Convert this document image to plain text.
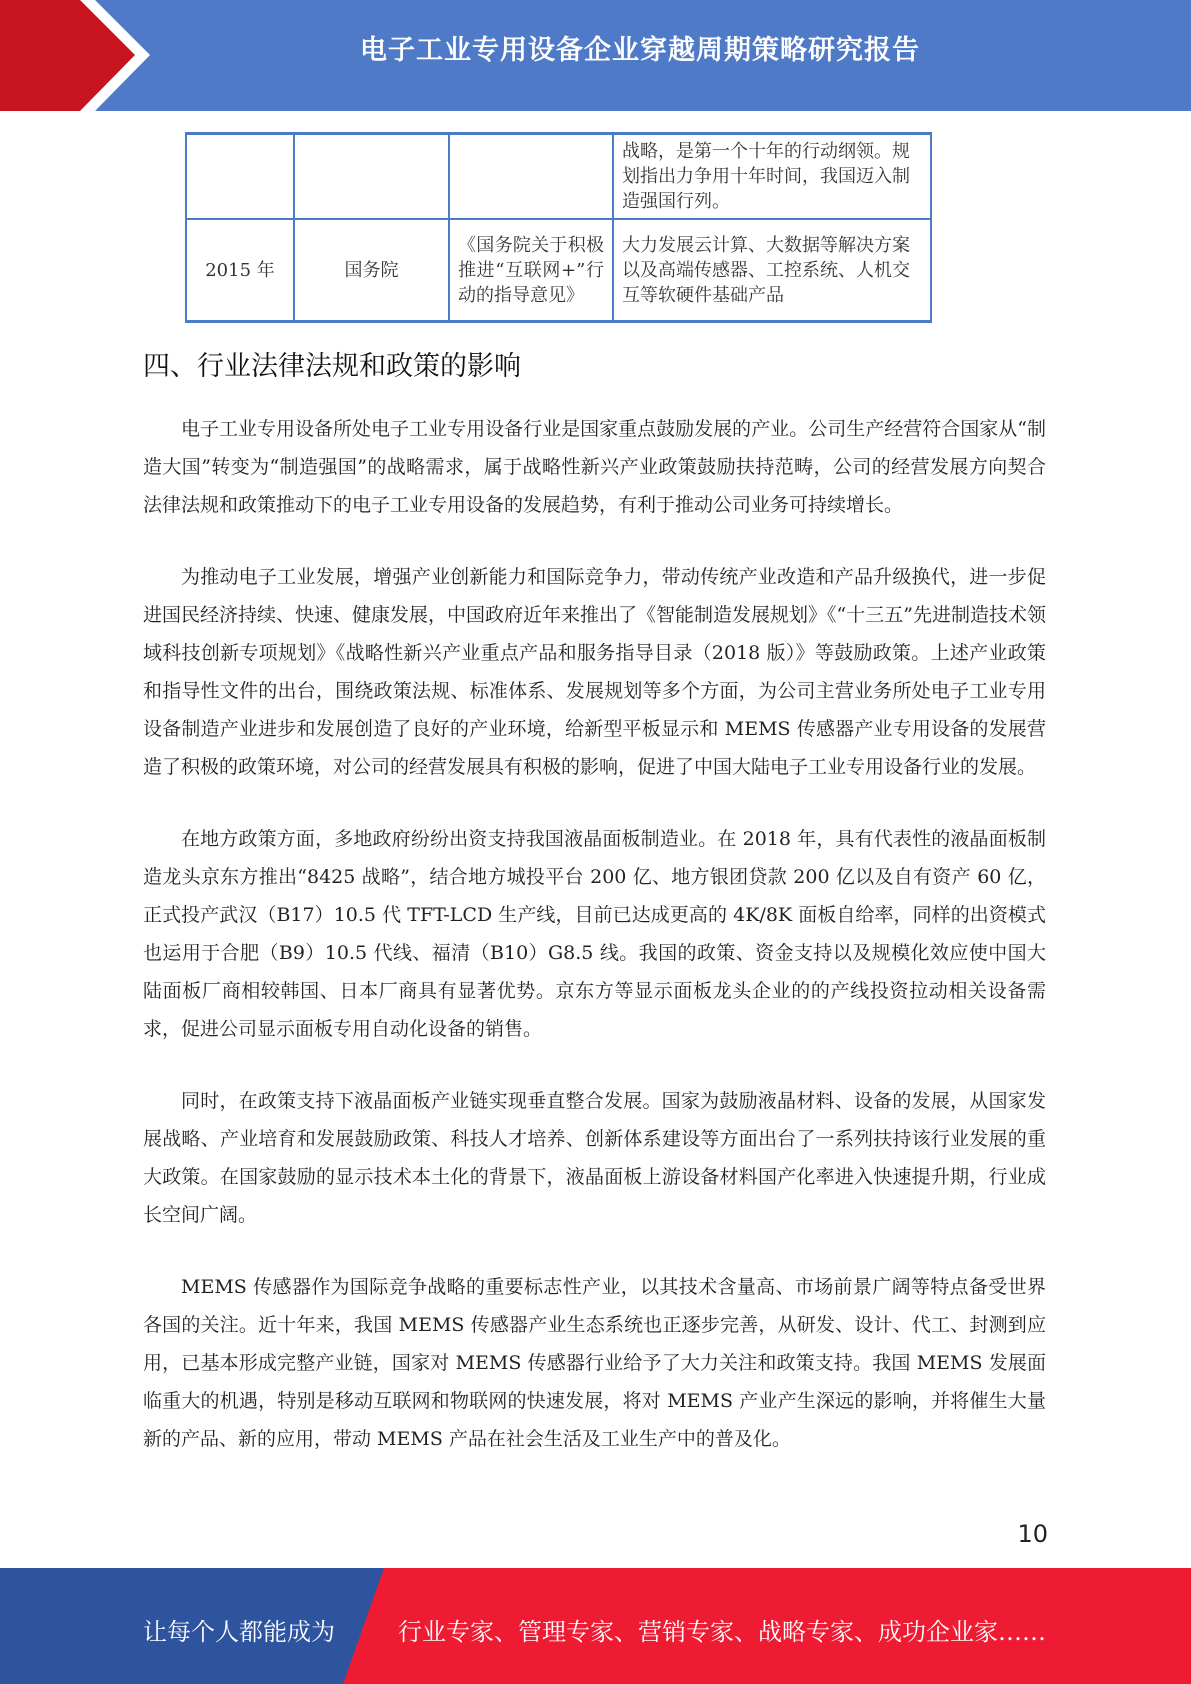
电子工业专用设备企业穿越周期策略研究报告
			战略，是第一个十年的行动纲领。规划指出力争用十年时间，我国迈入制造强国行列。
2015 年	国务院	《国务院关于积极推进“互联网+”行动的指导意见》	大力发展云计算、大数据等解决方案以及高端传感器、工控系统、人机交互等软硬件基础产品
四、行业法律法规和政策的影响

电子工业专用设备所处电子工业专用设备行业是国家重点鼓励发展的产业。公司生产经营符合国家从“制造大国”转变为“制造强国”的战略需求，属于战略性新兴产业政策鼓励扶持范畴，公司的经营发展方向契合法律法规和政策推动下的电子工业专用设备的发展趋势，有利于推动公司业务可持续增长。

为推动电子工业发展，增强产业创新能力和国际竞争力，带动传统产业改造和产品升级换代，进一步促进国民经济持续、快速、健康发展，中国政府近年来推出了《智能制造发展规划》《“十三五”先进制造技术领域科技创新专项规划》《战略性新兴产业重点产品和服务指导目录（2018 版）》等鼓励政策。上述产业政策和指导性文件的出台，围绕政策法规、标准体系、发展规划等多个方面，为公司主营业务所处电子工业专用设备制造产业进步和发展创造了良好的产业环境，给新型平板显示和 MEMS 传感器产业专用设备的发展营造了积极的政策环境，对公司的经营发展具有积极的影响，促进了中国大陆电子工业专用设备行业的发展。

在地方政策方面，多地政府纷纷出资支持我国液晶面板制造业。在 2018 年，具有代表性的液晶面板制造龙头京东方推出“8425 战略”，结合地方城投平台 200 亿、地方银团贷款 200 亿以及自有资产 60 亿，正式投产武汉（B17）10.5 代 TFT-LCD 生产线，目前已达成更高的 4K/8K 面板自给率，同样的出资模式也运用于合肥（B9）10.5 代线、福清（B10）G8.5 线。我国的政策、资金支持以及规模化效应使中国大陆面板厂商相较韩国、日本厂商具有显著优势。京东方等显示面板龙头企业的的产线投资拉动相关设备需求，促进公司显示面板专用自动化设备的销售。

同时，在政策支持下液晶面板产业链实现垂直整合发展。国家为鼓励液晶材料、设备的发展，从国家发展战略、产业培育和发展鼓励政策、科技人才培养、创新体系建设等方面出台了一系列扶持该行业发展的重大政策。在国家鼓励的显示技术本土化的背景下，液晶面板上游设备材料国产化率进入快速提升期，行业成长空间广阔。

MEMS 传感器作为国际竞争战略的重要标志性产业，以其技术含量高、市场前景广阔等特点备受世界各国的关注。近十年来，我国 MEMS 传感器产业生态系统也正逐步完善，从研发、设计、代工、封测到应用，已基本形成完整产业链，国家对 MEMS 传感器行业给予了大力关注和政策支持。我国 MEMS 发展面临重大的机遇，特别是移动互联网和物联网的快速发展，将对 MEMS 产业产生深远的影响，并将催生大量新的产品、新的应用，带动 MEMS 产品在社会生活及工业生产中的普及化。

10
让每个人都能成为	行业专家、管理专家、营销专家、战略专家、成功企业家……
